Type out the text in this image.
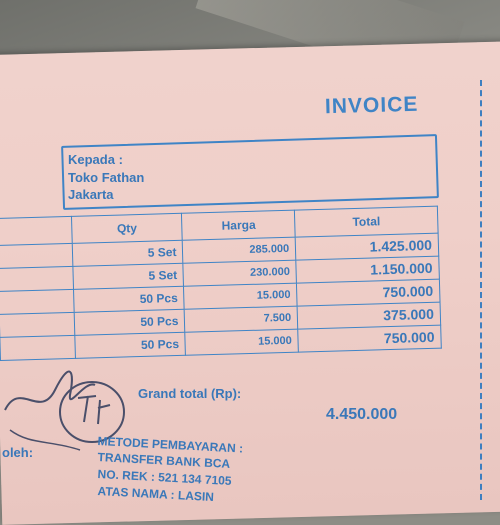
INVOICE
Kepada :
Toko Fathan
Jakarta
	Qty	Harga	Total
	5 Set	285.000	1.425.000
	5 Set	230.000	1.150.000
	50 Pcs	15.000	750.000
	50 Pcs	7.500	375.000
	50 Pcs	15.000	750.000
Grand total (Rp):
4.450.000
oleh:	METODE PEMBAYARAN :
TRANSFER BANK BCA
NO. REK : 521 134 7105
ATAS NAMA : LASIN
